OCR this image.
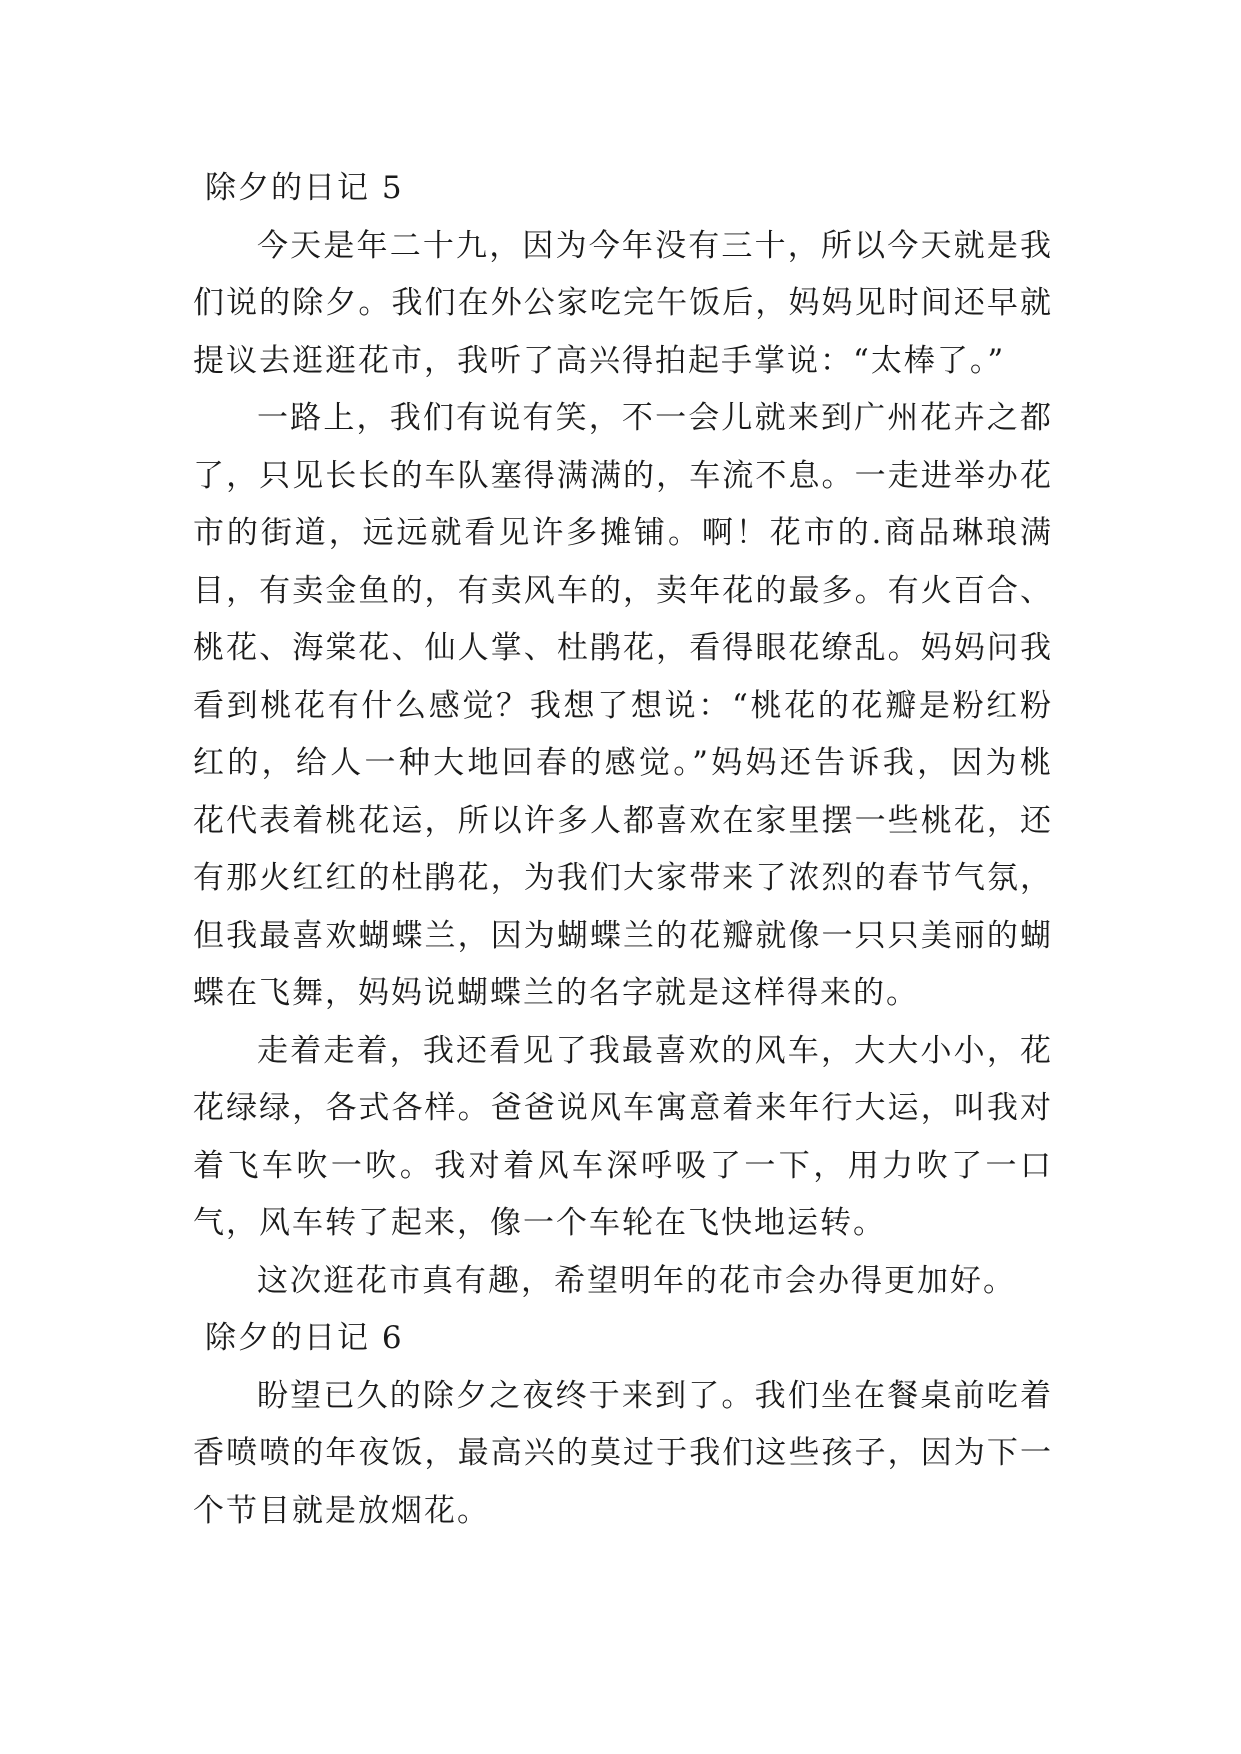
除夕的日记 5

今天是年二十九，因为今年没有三十，所以今天就是我们说的除夕。我们在外公家吃完午饭后，妈妈见时间还早就提议去逛逛花市，我听了高兴得拍起手掌说：“太棒了。”

一路上，我们有说有笑，不一会儿就来到广州花卉之都了，只见长长的车队塞得满满的，车流不息。一走进举办花市的街道，远远就看见许多摊铺。啊！花市的.商品琳琅满目，有卖金鱼的，有卖风车的，卖年花的最多。有火百合、桃花、海棠花、仙人掌、杜鹃花，看得眼花缭乱。妈妈问我看到桃花有什么感觉？我想了想说：“桃花的花瓣是粉红粉红的，给人一种大地回春的感觉。”妈妈还告诉我，因为桃花代表着桃花运，所以许多人都喜欢在家里摆一些桃花，还有那火红红的杜鹃花，为我们大家带来了浓烈的春节气氛，但我最喜欢蝴蝶兰，因为蝴蝶兰的花瓣就像一只只美丽的蝴蝶在飞舞，妈妈说蝴蝶兰的名字就是这样得来的。

走着走着，我还看见了我最喜欢的风车，大大小小，花花绿绿，各式各样。爸爸说风车寓意着来年行大运，叫我对着飞车吹一吹。我对着风车深呼吸了一下，用力吹了一口气，风车转了起来，像一个车轮在飞快地运转。

这次逛花市真有趣，希望明年的花市会办得更加好。

除夕的日记 6

盼望已久的除夕之夜终于来到了。我们坐在餐桌前吃着香喷喷的年夜饭，最高兴的莫过于我们这些孩子，因为下一个节目就是放烟花。
